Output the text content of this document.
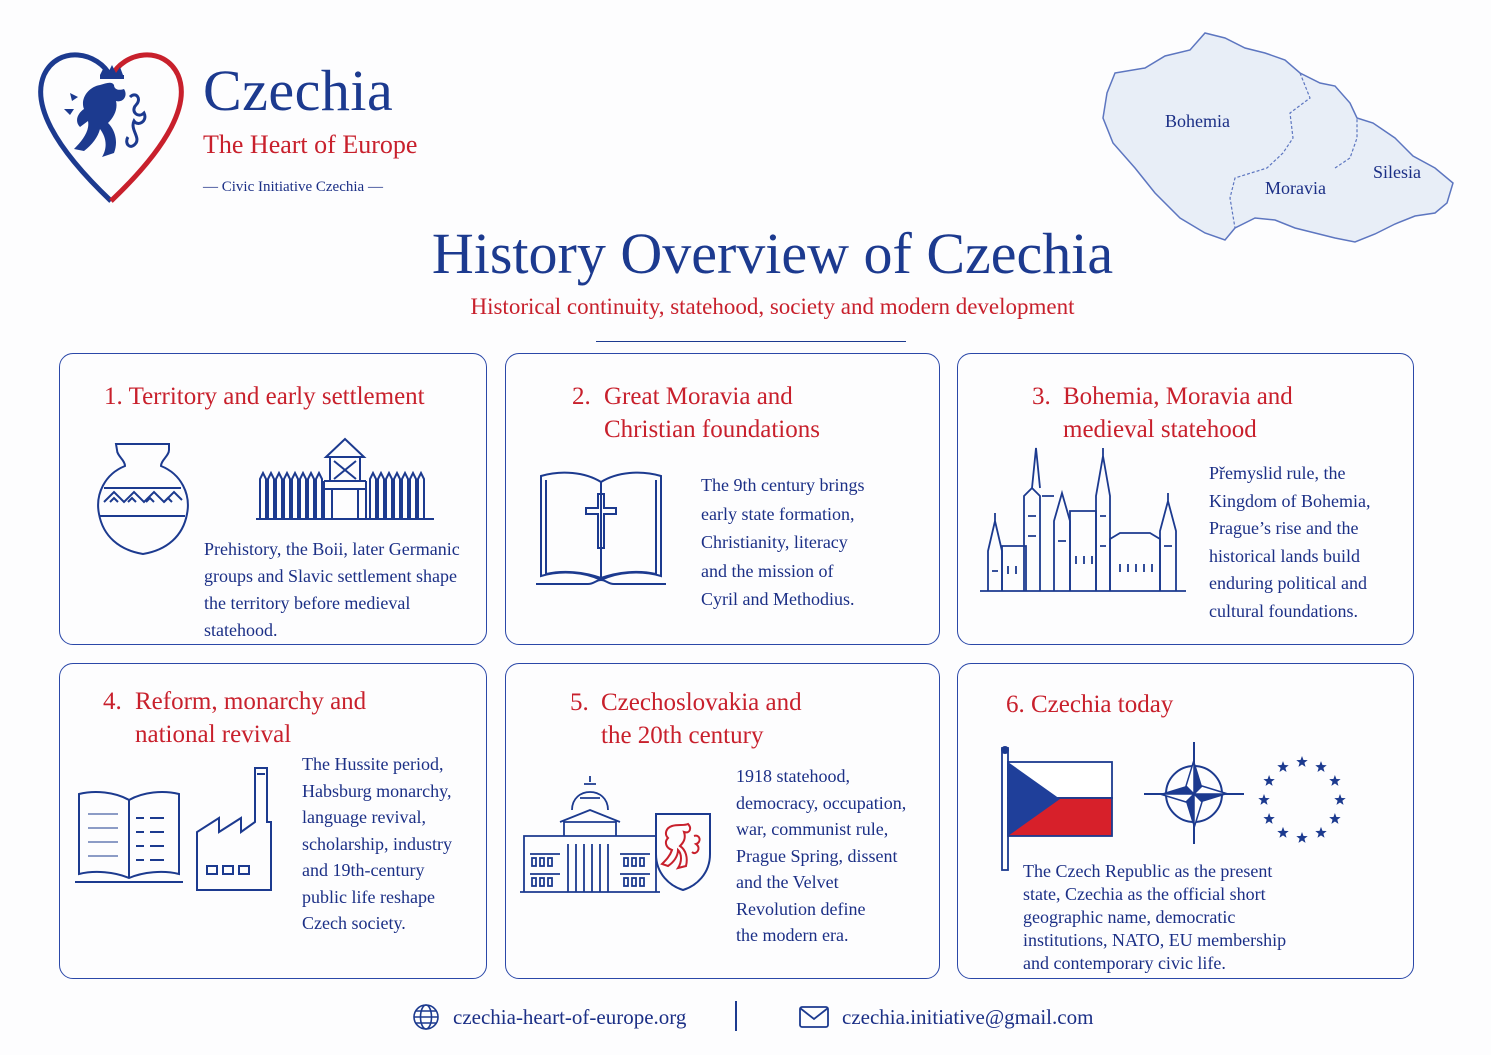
Czechia
The Heart of Europe
— Civic Initiative Czechia —
Bohemia
Moravia
Silesia
History Overview of Czechia
Historical continuity, statehood, society and modern development
1. Territory and early settlement
Prehistory, the Boii, later Germanic
groups and Slavic settlement shape
the territory before medieval
statehood.
2. Great Moravia and
Christian foundations
The 9th century brings
early state formation,
Christianity, literacy
and the mission of
Cyril and Methodius.
3. Bohemia, Moravia and
medieval statehood
Přemyslid rule, the
Kingdom of Bohemia,
Prague’s rise and the
historical lands build
enduring political and
cultural foundations.
4. Reform, monarchy and
national revival
The Hussite period,
Habsburg monarchy,
language revival,
scholarship, industry
and 19th-century
public life reshape
Czech society.
5. Czechoslovakia and
the 20th century
1918 statehood,
democracy, occupation,
war, communist rule,
Prague Spring, dissent
and the Velvet
Revolution define
the modern era.
6. Czechia today
The Czech Republic as the present
state, Czechia as the official short
geographic name, democratic
institutions, NATO, EU membership
and contemporary civic life.
czechia-heart-of-europe.org	czechia.initiative@gmail.com
